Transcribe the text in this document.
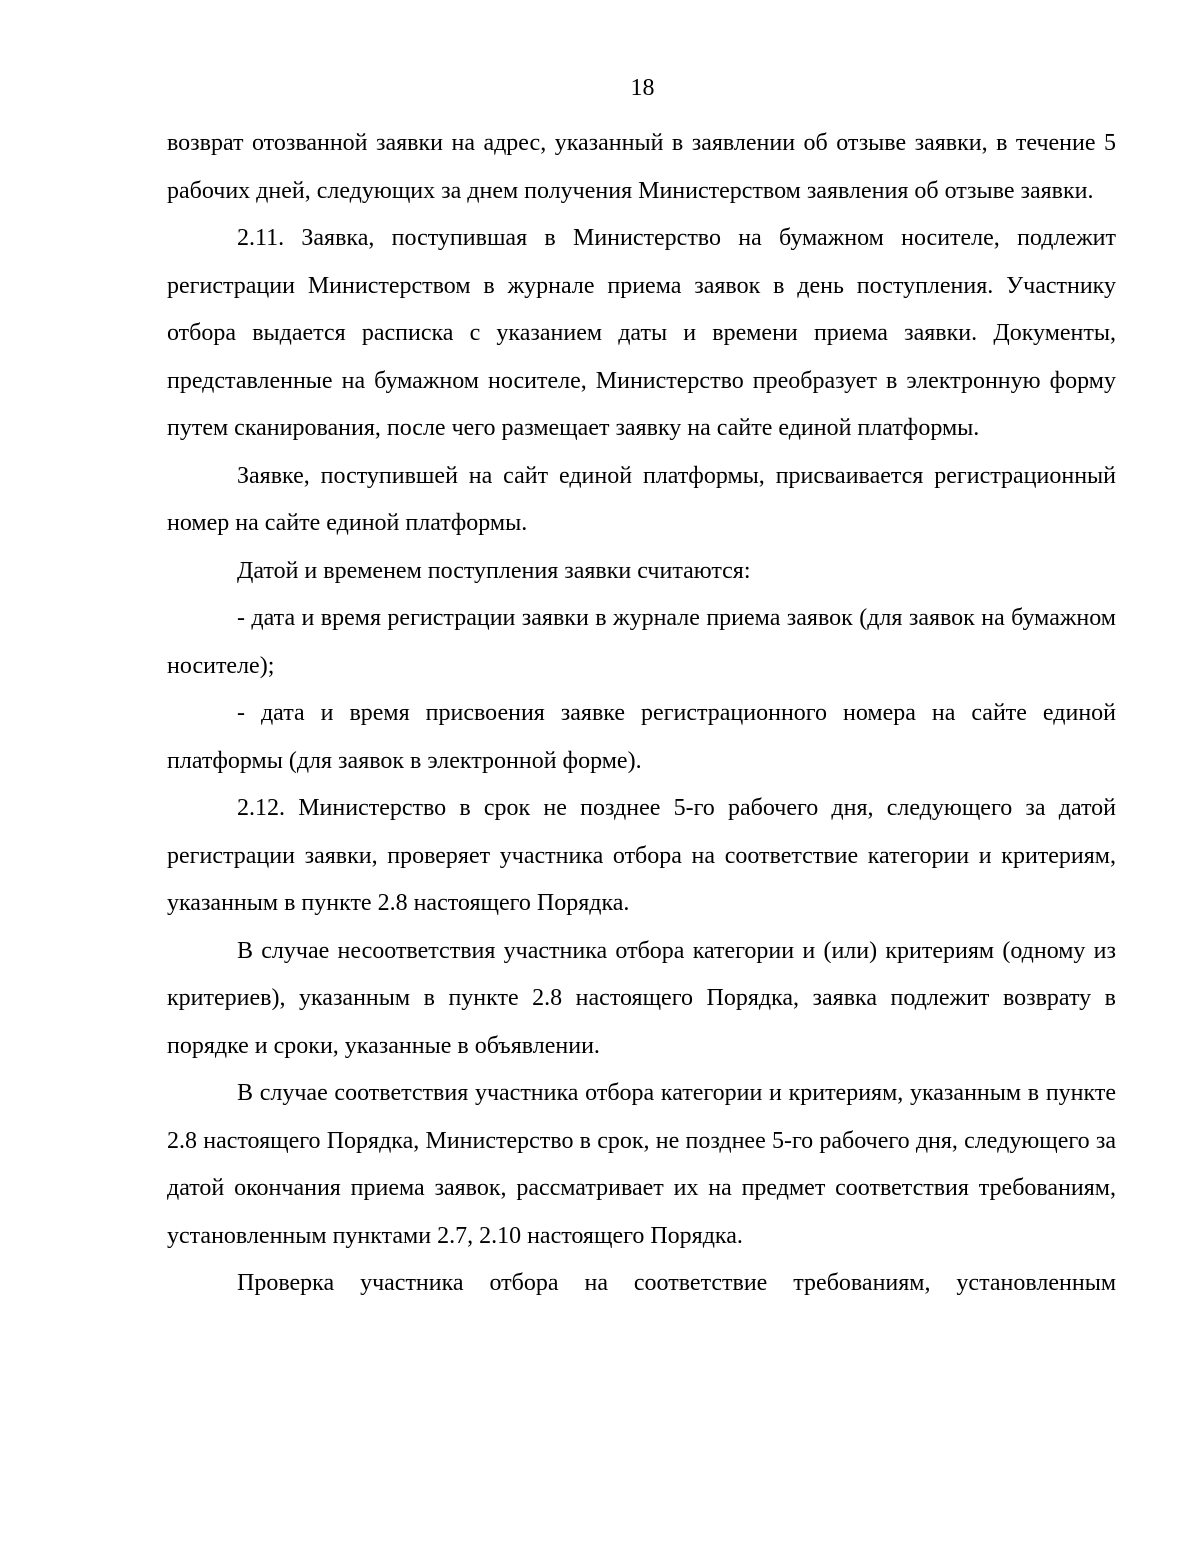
18

возврат отозванной заявки на адрес, указанный в заявлении об отзыве заявки, в течение 5 рабочих дней, следующих за днем получения Министерством заявления об отзыве заявки.

2.11. Заявка, поступившая в Министерство на бумажном носителе, подлежит регистрации Министерством в журнале приема заявок в день поступления. Участнику отбора выдается расписка с указанием даты и времени приема заявки. Документы, представленные на бумажном носителе, Министерство преобразует в электронную форму путем сканирования, после чего размещает заявку на сайте единой платформы.

Заявке, поступившей на сайт единой платформы, присваивается регистрационный номер на сайте единой платформы.

Датой и временем поступления заявки считаются:

- дата и время регистрации заявки в журнале приема заявок (для заявок на бумажном носителе);

- дата и время присвоения заявке регистрационного номера на сайте единой платформы (для заявок в электронной форме).

2.12. Министерство в срок не позднее 5-го рабочего дня, следующего за датой регистрации заявки, проверяет участника отбора на соответствие категории и критериям, указанным в пункте 2.8 настоящего Порядка.

В случае несоответствия участника отбора категории и (или) критериям (одному из критериев), указанным в пункте 2.8 настоящего Порядка, заявка подлежит возврату в порядке и сроки, указанные в объявлении.

В случае соответствия участника отбора категории и критериям, указанным в пункте 2.8 настоящего Порядка, Министерство в срок, не позднее 5-го рабочего дня, следующего за датой окончания приема заявок, рассматривает их на предмет соответствия требованиям, установленным пунктами 2.7, 2.10 настоящего Порядка.

Проверка участника отбора на соответствие требованиям, установленным
